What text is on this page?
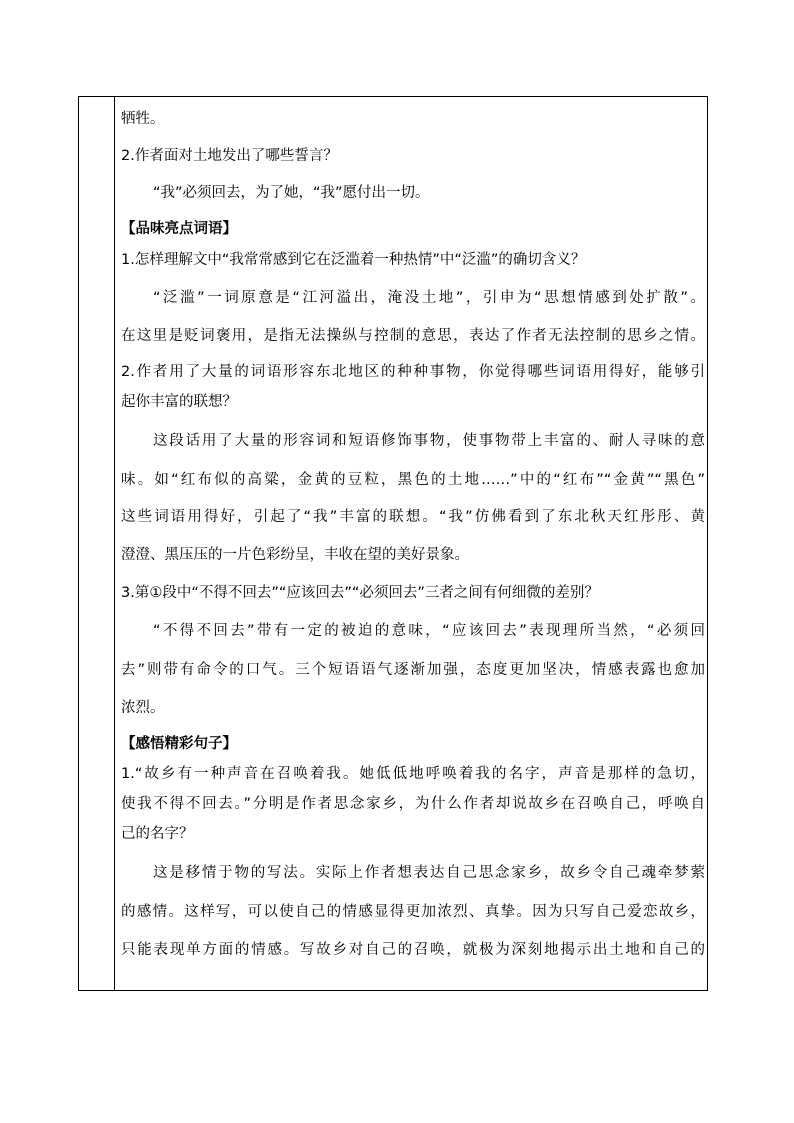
牺牲。
2.作者面对土地发出了哪些誓言？
“我”必须回去，为了她，“我”愿付出一切。
【品味亮点词语】
1.怎样理解文中“我常常感到它在泛滥着一种热情”中“泛滥”的确切含义？
“泛滥”一词原意是“江河溢出，淹没土地”，引申为“思想情感到处扩散”。
在这里是贬词褒用，是指无法操纵与控制的意思，表达了作者无法控制的思乡之情。
2.作者用了大量的词语形容东北地区的种种事物，你觉得哪些词语用得好，能够引
起你丰富的联想？
这段话用了大量的形容词和短语修饰事物，使事物带上丰富的、耐人寻味的意
味。如“红布似的高粱，金黄的豆粒，黑色的土地……”中的“红布”“金黄”“黑色”
这些词语用得好，引起了“我”丰富的联想。“我”仿佛看到了东北秋天红彤彤、黄
澄澄、黑压压的一片色彩纷呈，丰收在望的美好景象。
3.第①段中“不得不回去”“应该回去”“必须回去”三者之间有何细微的差别？
“不得不回去”带有一定的被迫的意味，“应该回去”表现理所当然，“必须回
去”则带有命令的口气。三个短语语气逐渐加强，态度更加坚决，情感表露也愈加
浓烈。
【感悟精彩句子】
1.“故乡有一种声音在召唤着我。她低低地呼唤着我的名字，声音是那样的急切，
使我不得不回去。”分明是作者思念家乡，为什么作者却说故乡在召唤自己，呼唤自
己的名字？
这是移情于物的写法。实际上作者想表达自己思念家乡，故乡令自己魂牵梦萦
的感情。这样写，可以使自己的情感显得更加浓烈、真挚。因为只写自己爱恋故乡，
只能表现单方面的情感。写故乡对自己的召唤，就极为深刻地揭示出土地和自己的
